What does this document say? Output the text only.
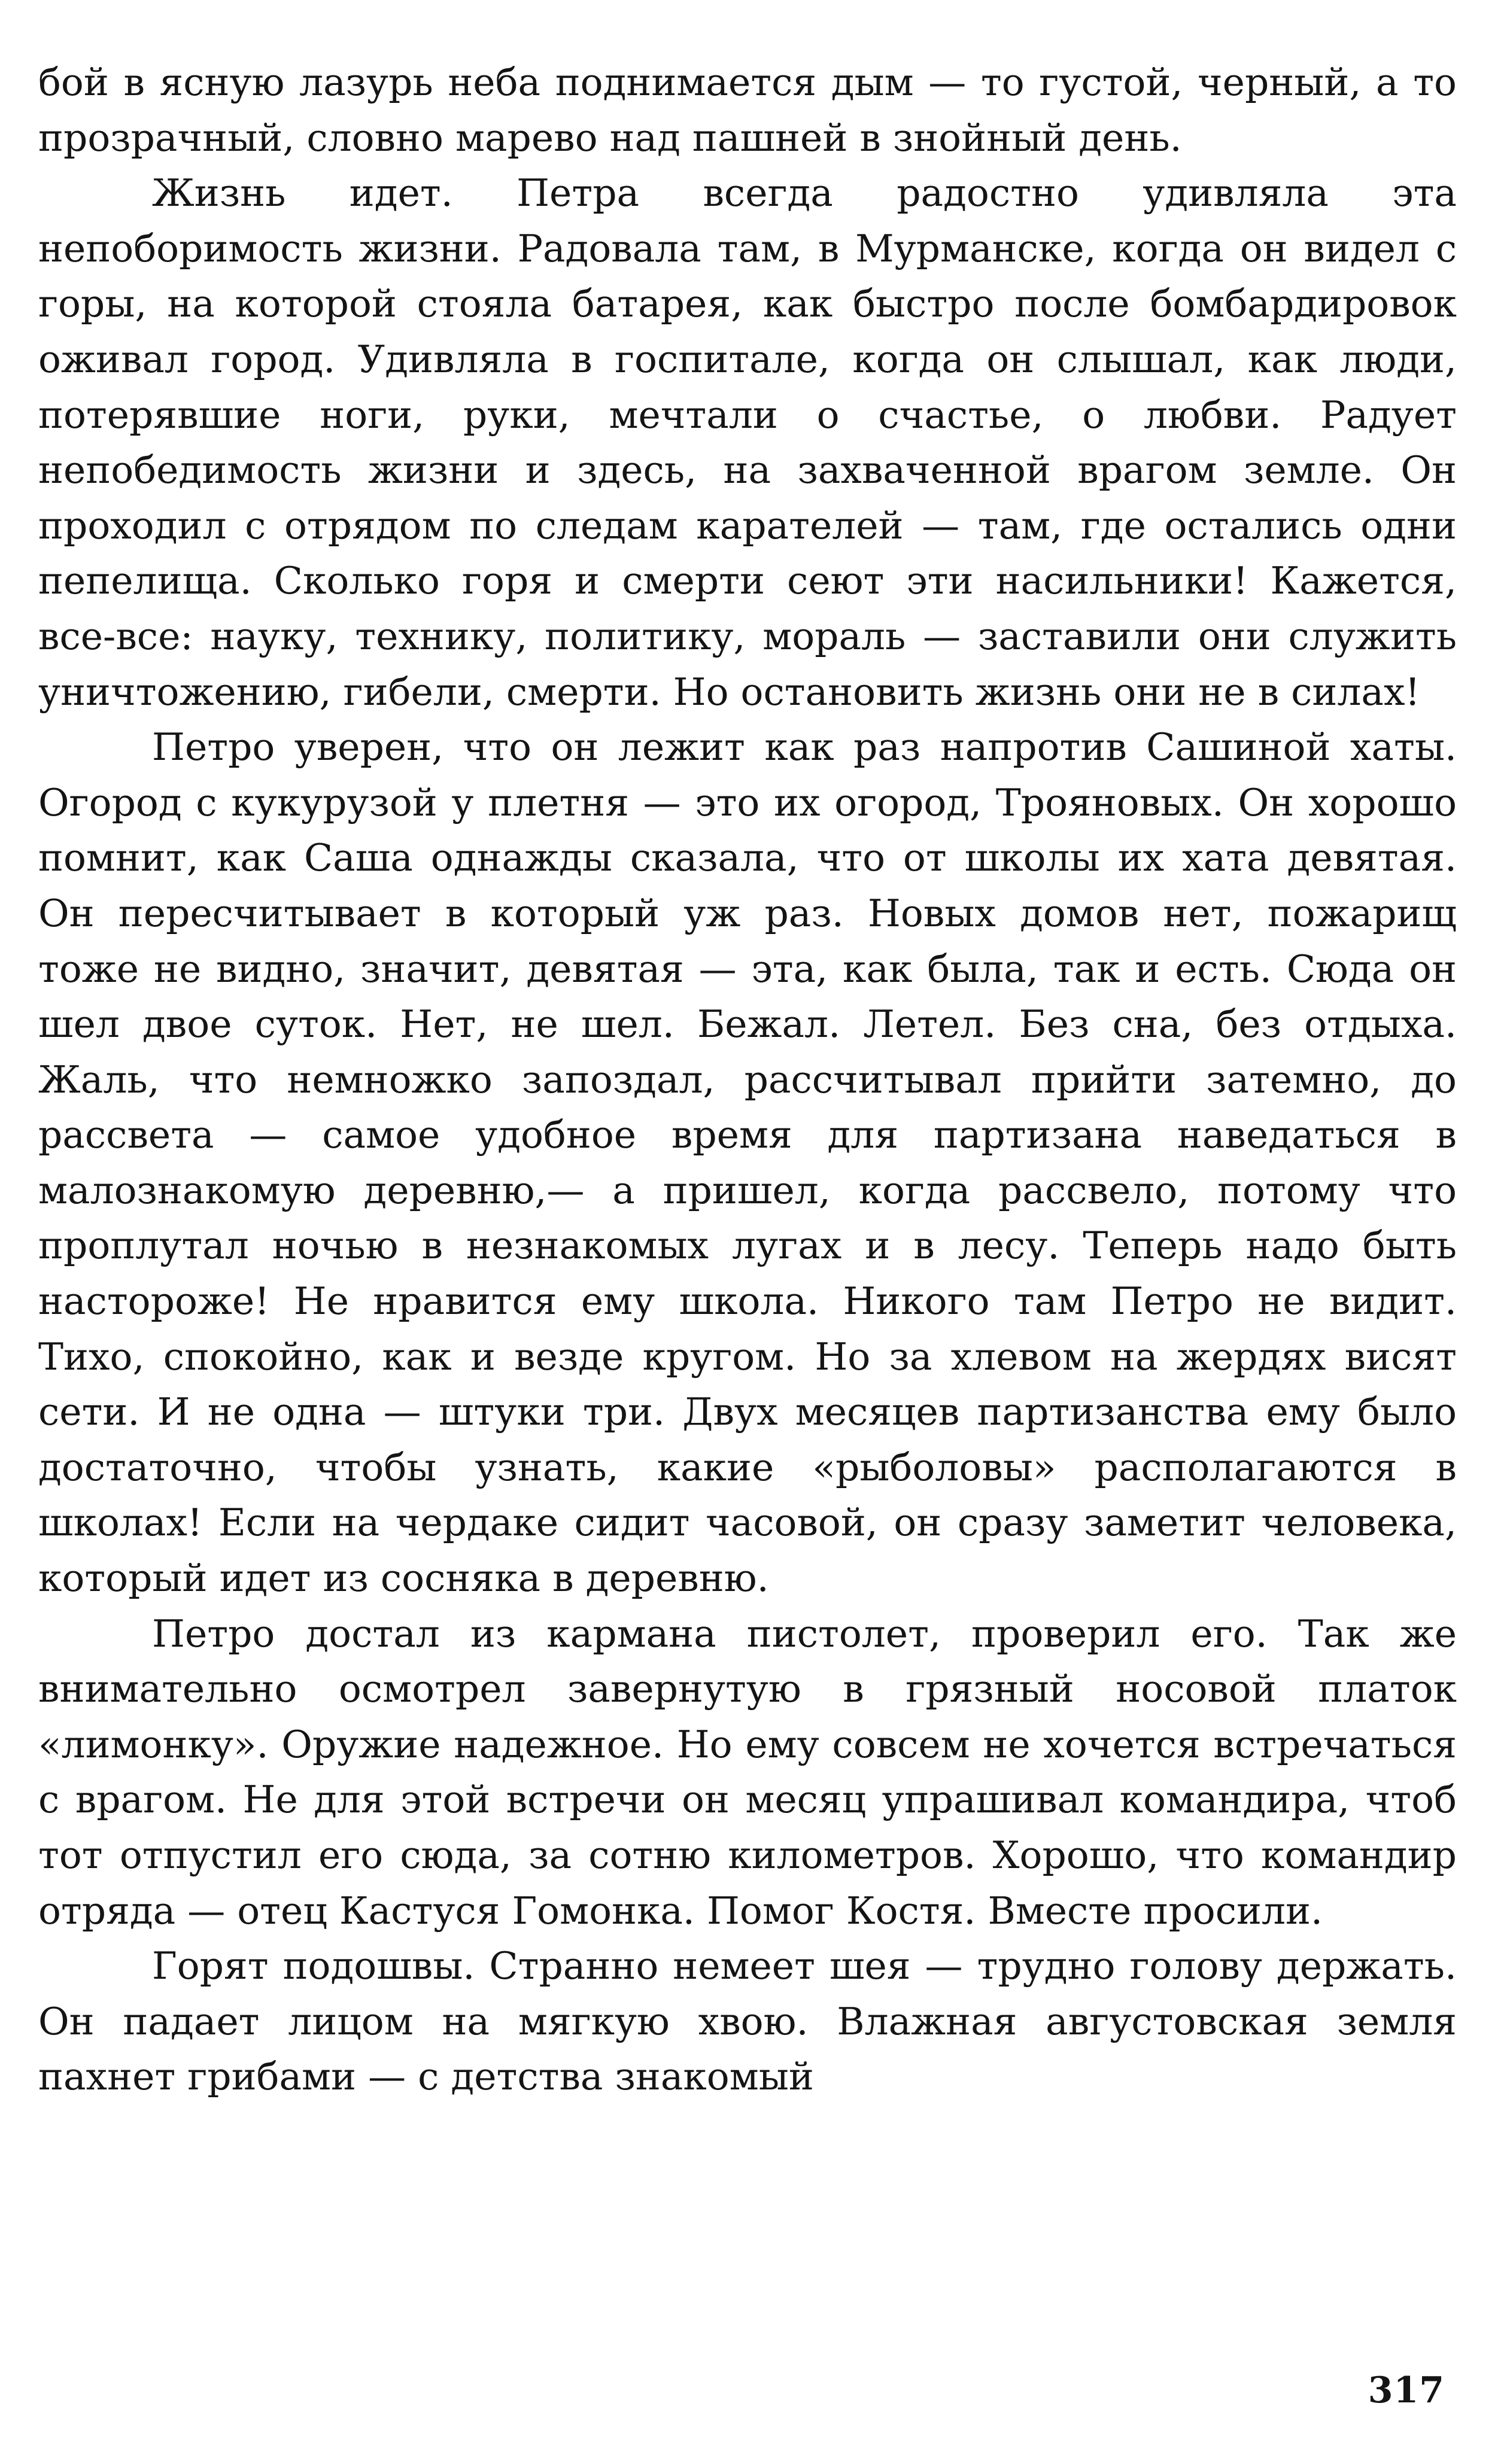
бой в ясную лазурь неба поднимается дым — то густой, черный, а то прозрачный, словно марево над пашней в знойный день.

Жизнь идет. Петра всегда радостно удивляла эта непоборимость жизни. Радовала там, в Мурманске, когда он видел с горы, на которой стояла батарея, как быстро после бомбардировок оживал город. Удивляла в госпитале, когда он слышал, как люди, потерявшие ноги, руки, мечтали о счастье, о любви. Радует непобедимость жизни и здесь, на захваченной врагом земле. Он проходил с отрядом по следам карателей — там, где остались одни пепелища. Сколько горя и смерти сеют эти насильники! Кажется, все-все: науку, технику, политику, мораль — заставили они служить уничтожению, гибели, смерти. Но остановить жизнь они не в силах!

Петро уверен, что он лежит как раз напротив Сашиной хаты. Огород с кукурузой у плетня — это их огород, Трояновых. Он хорошо помнит, как Саша однажды сказала, что от школы их хата девятая. Он пересчитывает в который уж раз. Новых домов нет, пожарищ тоже не видно, значит, девятая — эта, как была, так и есть. Сюда он шел двое суток. Нет, не шел. Бежал. Летел. Без сна, без отдыха. Жаль, что немножко запоздал, рассчитывал прийти затемно, до рассвета — самое удобное время для партизана наведаться в малознакомую деревню,— а пришел, когда рассвело, потому что проплутал ночью в незнакомых лугах и в лесу. Теперь надо быть настороже! Не нравится ему школа. Никого там Петро не видит. Тихо, спокойно, как и везде кругом. Но за хлевом на жердях висят сети. И не одна — штуки три. Двух месяцев партизанства ему было достаточно, чтобы узнать, какие «рыболовы» располагаются в школах! Если на чердаке сидит часовой, он сразу заметит человека, который идет из сосняка в деревню.

Петро достал из кармана пистолет, проверил его. Так же внимательно осмотрел завернутую в грязный носовой платок «лимонку». Оружие надежное. Но ему совсем не хочется встречаться с врагом. Не для этой встречи он месяц упрашивал командира, чтоб тот отпустил его сюда, за сотню километров. Хорошо, что командир отряда — отец Кастуся Гомонка. Помог Костя. Вместе просили.

Горят подошвы. Странно немеет шея — трудно голову держать. Он падает лицом на мягкую хвою. Влажная августовская земля пахнет грибами — с детства знакомый

317
